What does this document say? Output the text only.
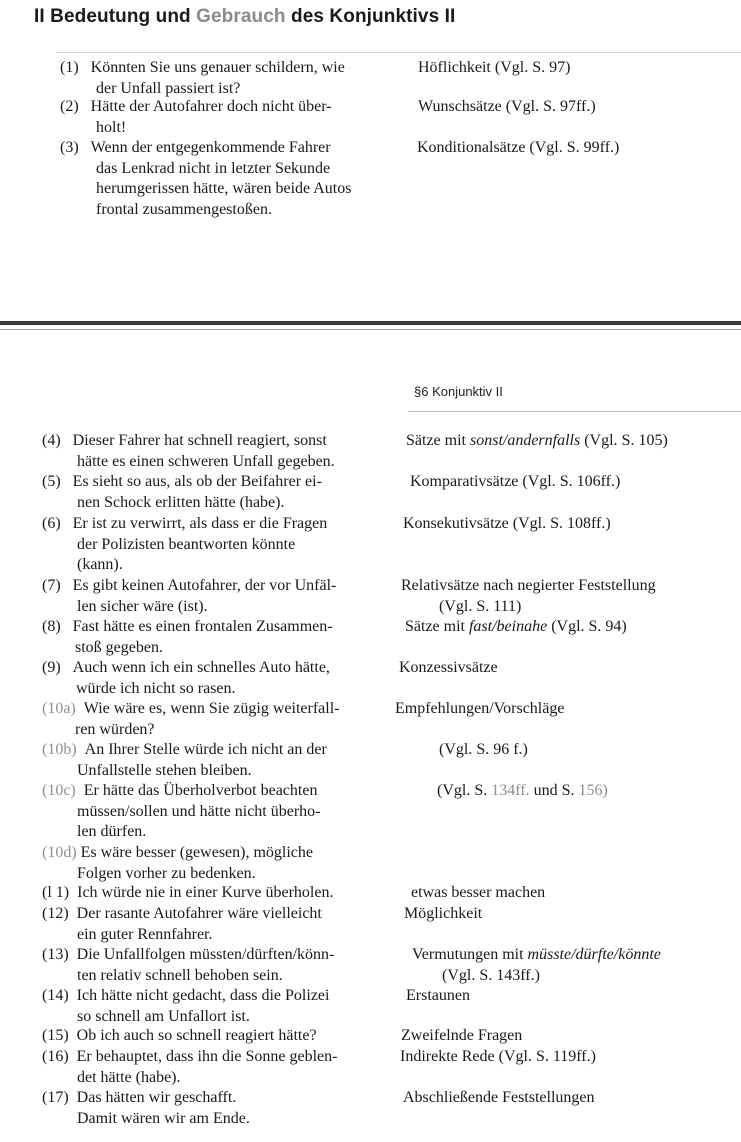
II Bedeutung und Gebrauch des Konjunktivs II
(1) Könnten Sie uns genauer schildern, wie
der Unfall passiert ist?
Höflichkeit (Vgl. S. 97)
(2) Hätte der Autofahrer doch nicht über-
holt!
Wunschsätze (Vgl. S. 97ff.)
(3) Wenn der entgegenkommende Fahrer
das Lenkrad nicht in letzter Sekunde
herumgerissen hätte, wären beide Autos
frontal zusammengestoßen.
Konditionalsätze (Vgl. S. 99ff.)
§6 Konjunktiv II
(4) Dieser Fahrer hat schnell reagiert, sonst
hätte es einen schweren Unfall gegeben.
Sätze mit sonst/andernfalls (Vgl. S. 105)
(5) Es sieht so aus, als ob der Beifahrer ei-
nen Schock erlitten hätte (habe).
Komparativsätze (Vgl. S. 106ff.)
(6) Er ist zu verwirrt, als dass er die Fragen
der Polizisten beantworten könnte
(kann).
Konsekutivsätze (Vgl. S. 108ff.)
(7) Es gibt keinen Autofahrer, der vor Unfäl-
len sicher wäre (ist).
Relativsätze nach negierter Feststellung
(Vgl. S. 111)
(8) Fast hätte es einen frontalen Zusammen-
stoß gegeben.
Sätze mit fast/beinahe (Vgl. S. 94)
(9) Auch wenn ich ein schnelles Auto hätte,
würde ich nicht so rasen.
Konzessivsätze
(10a) Wie wäre es, wenn Sie zügig weiterfall-
ren würden?
Empfehlungen/Vorschläge
(10b) An Ihrer Stelle würde ich nicht an der
Unfallstelle stehen bleiben.
(Vgl. S. 96 f.)
(10c) Er hätte das Überholverbot beachten
müssen/sollen und hätte nicht überho-
len dürfen.
(Vgl. S. 134ff. und S. 156)
(10d) Es wäre besser (gewesen), mögliche
Folgen vorher zu bedenken.
(l 1) Ich würde nie in einer Kurve überholen.	etwas besser machen
(12) Der rasante Autofahrer wäre vielleicht
ein guter Rennfahrer.
Möglichkeit
(13) Die Unfallfolgen müssten/dürften/könn-
ten relativ schnell behoben sein.
Vermutungen mit müsste/dürfte/könnte
(Vgl. S. 143ff.)
(14) Ich hätte nicht gedacht, dass die Polizei
so schnell am Unfallort ist.
Erstaunen
(15) Ob ich auch so schnell reagiert hätte?	Zweifelnde Fragen
(16) Er behauptet, dass ihn die Sonne geblen-
det hätte (habe).
Indirekte Rede (Vgl. S. 119ff.)
(17) Das hätten wir geschafft.
Damit wären wir am Ende.
Abschließende Feststellungen
